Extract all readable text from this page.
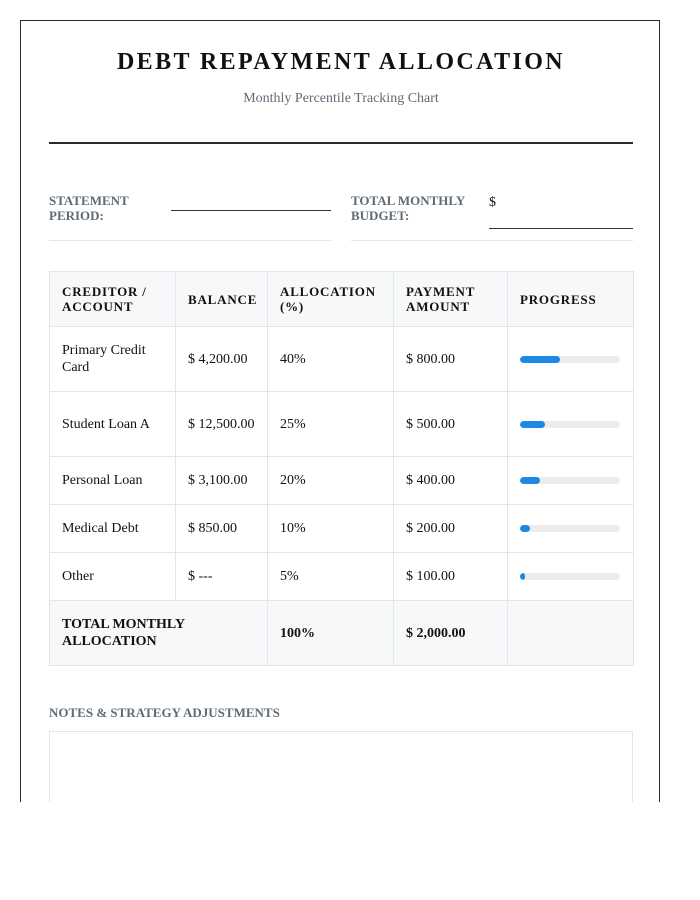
DEBT REPAYMENT ALLOCATION
Monthly Percentile Tracking Chart
STATEMENT PERIOD:
TOTAL MONTHLY BUDGET:
$
CREDITOR / ACCOUNT	BALANCE	ALLOCATION (%)	PAYMENT AMOUNT	PROGRESS
Primary Credit Card	$ 4,200.00	40%	$ 800.00	

Student Loan A	$ 12,500.00	25%	$ 500.00	

Personal Loan	$ 3,100.00	20%	$ 400.00	

Medical Debt	$ 850.00	10%	$ 200.00	

Other	$ ---	5%	$ 100.00	

TOTAL MONTHLY ALLOCATION		100%	$ 2,000.00	
NOTES & STRATEGY ADJUSTMENTS
